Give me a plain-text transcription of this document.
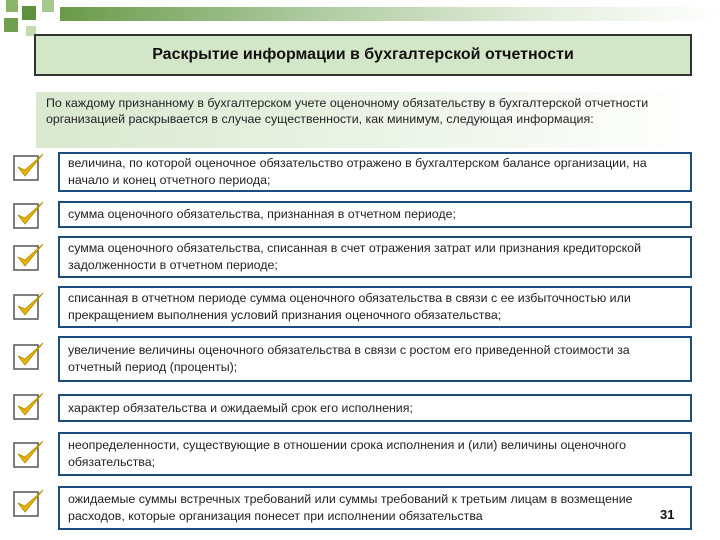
Раскрытие информации в бухгалтерской отчетности
По каждому признанному в бухгалтерском учете оценочному обязательству в бухгалтерской отчетности организацией раскрывается в случае существенности, как минимум, следующая информация:
величина, по которой оценочное обязательство отражено в бухгалтерском балансе организации, на начало и конец отчетного периода;
сумма оценочного обязательства, признанная в отчетном периоде;
сумма оценочного обязательства, списанная в счет отражения затрат или признания кредиторской задолженности в отчетном периоде;
списанная в отчетном периоде сумма оценочного обязательства в связи с ее избыточностью или прекращением выполнения условий признания оценочного обязательства;
увеличение величины оценочного обязательства в связи с ростом его приведенной стоимости за отчетный период (проценты);
характер обязательства и ожидаемый срок его исполнения;
неопределенности, существующие в отношении срока исполнения и (или) величины оценочного обязательства;
ожидаемые суммы встречных требований или суммы требований к третьим лицам в возмещение расходов, которые организация понесет при исполнении обязательства	31
